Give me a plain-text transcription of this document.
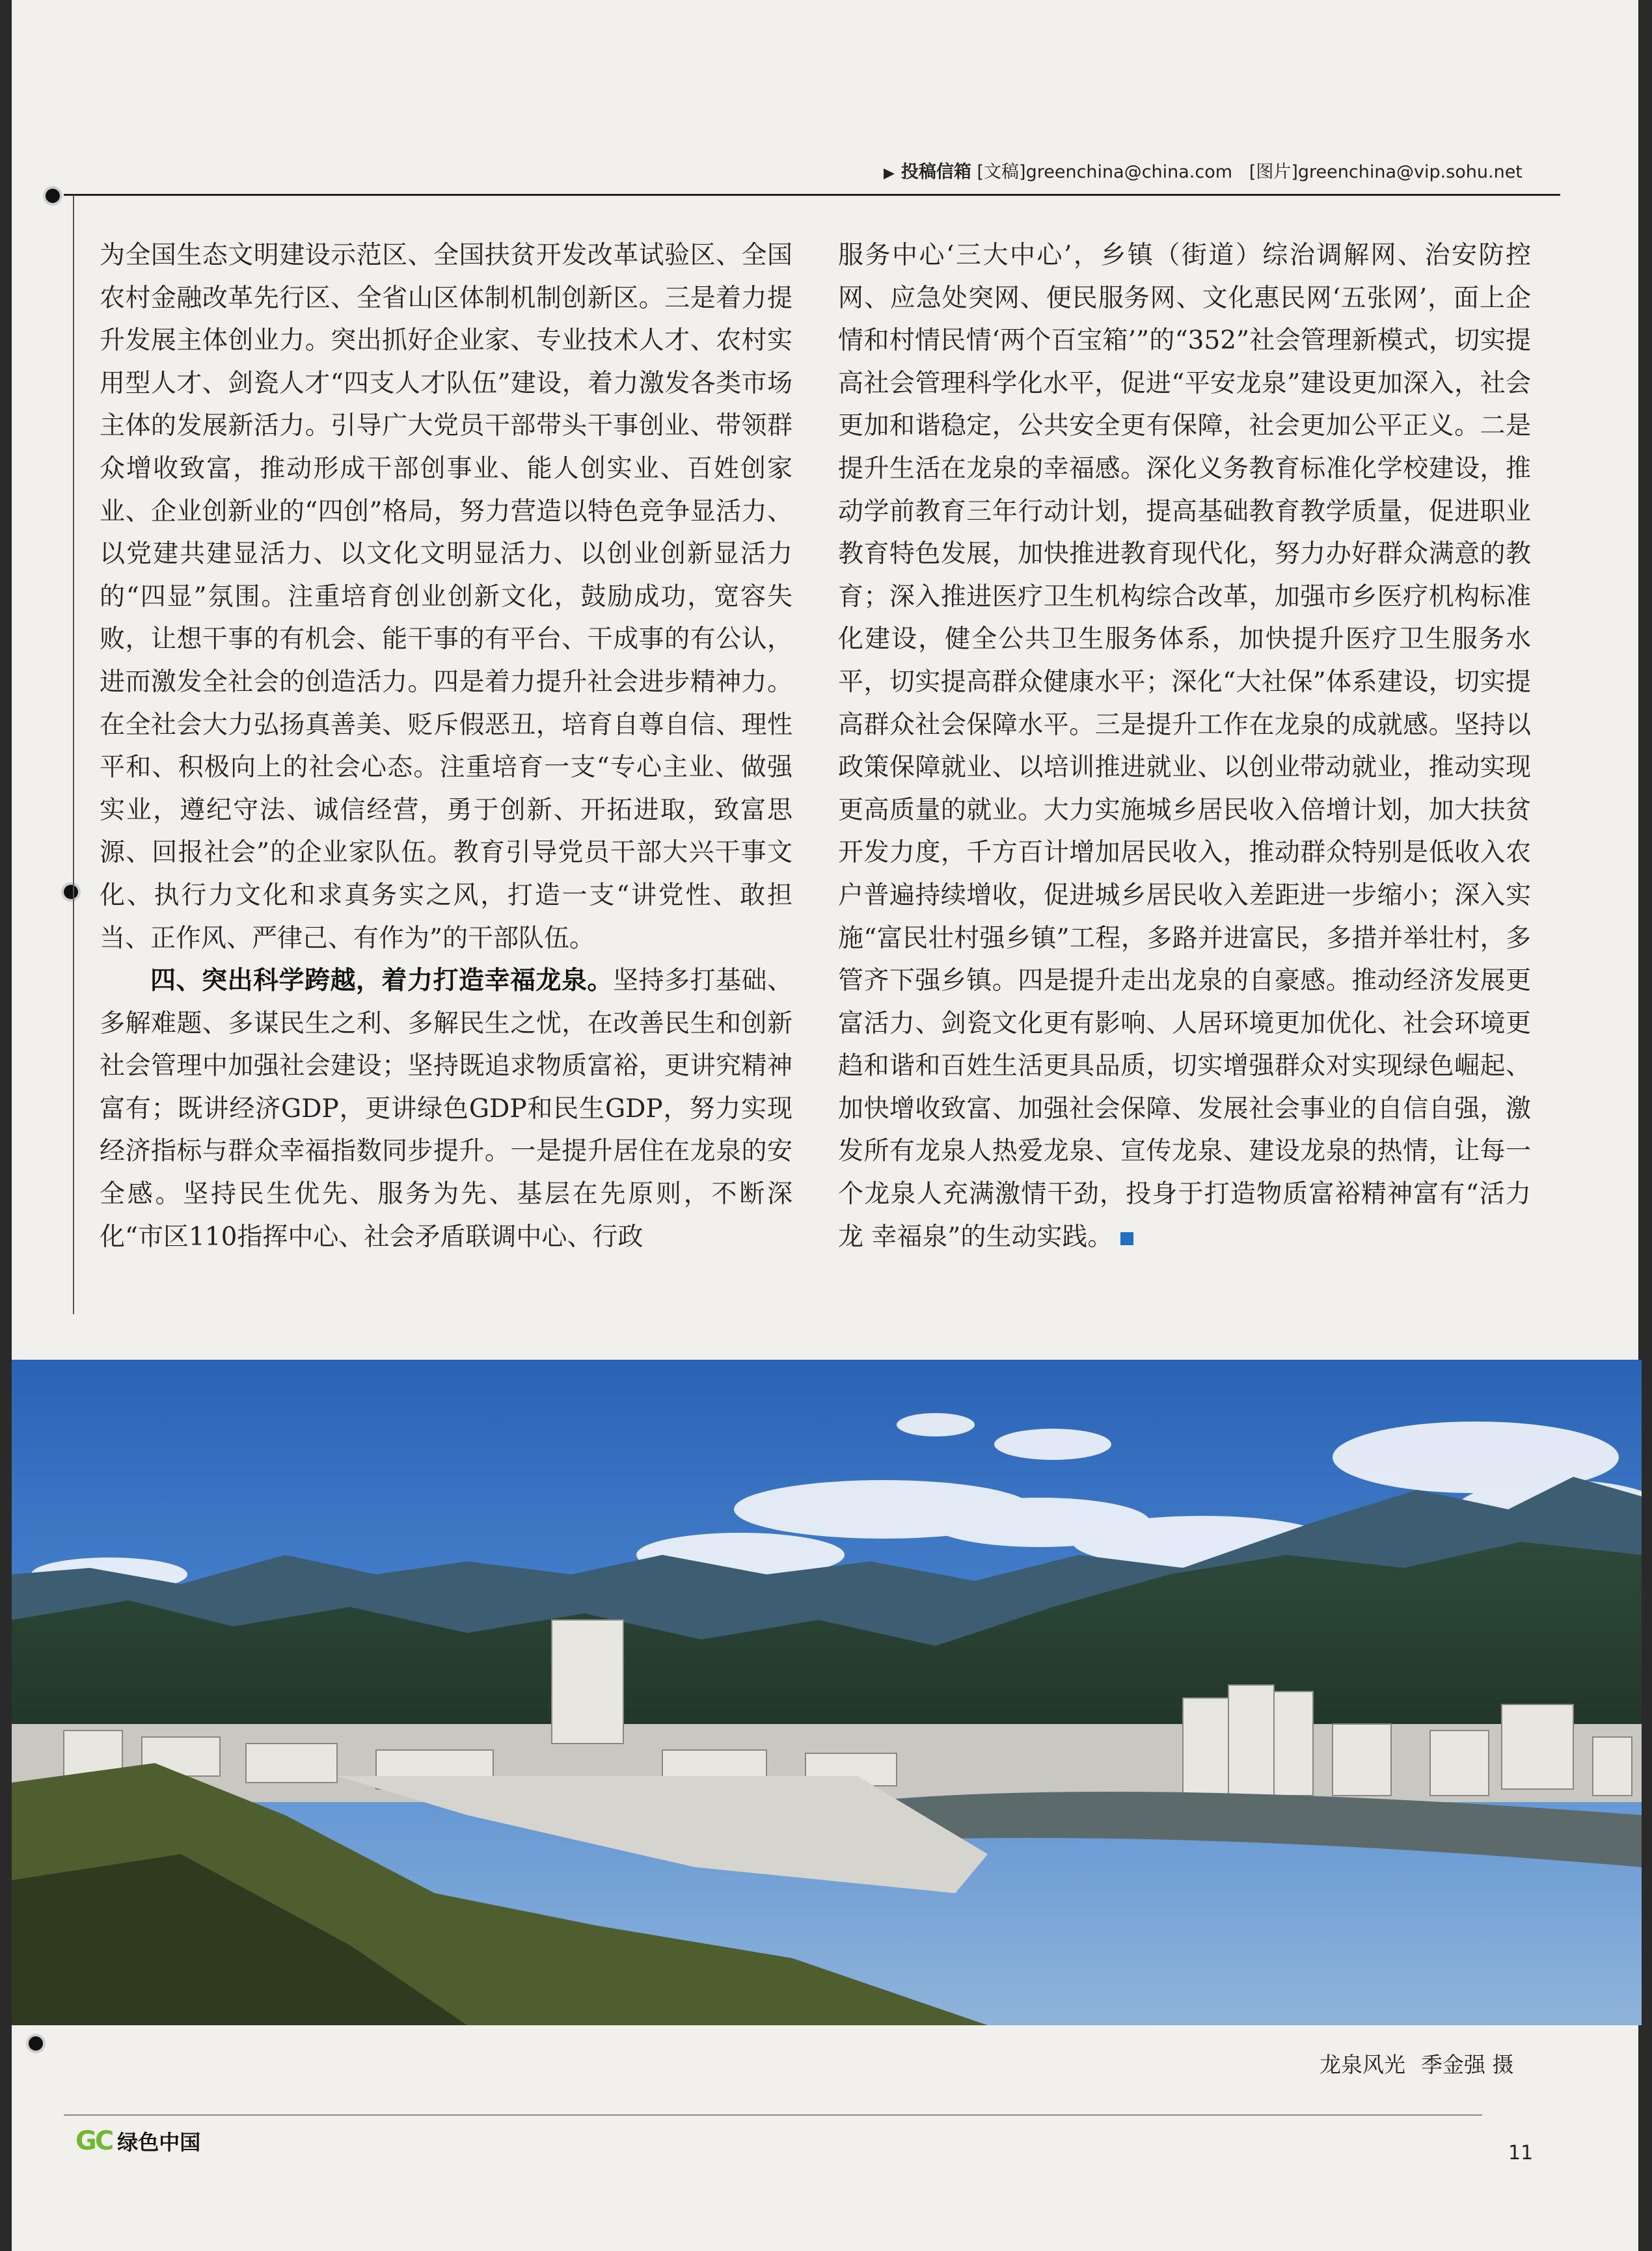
▶ 投稿信箱 [文稿]greenchina@china.com [图片]greenchina@vip.sohu.net

为全国生态文明建设示范区、全国扶贫开发改革试验区、全国农村金融改革先行区、全省山区体制机制创新区。三是着力提升发展主体创业力。突出抓好企业家、专业技术人才、农村实用型人才、剑瓷人才“四支人才队伍”建设，着力激发各类市场主体的发展新活力。引导广大党员干部带头干事创业、带领群众增收致富，推动形成干部创事业、能人创实业、百姓创家业、企业创新业的“四创”格局，努力营造以特色竞争显活力、以党建共建显活力、以文化文明显活力、以创业创新显活力的“四显”氛围。注重培育创业创新文化，鼓励成功，宽容失败，让想干事的有机会、能干事的有平台、干成事的有公认，进而激发全社会的创造活力。四是着力提升社会进步精神力。在全社会大力弘扬真善美、贬斥假恶丑，培育自尊自信、理性平和、积极向上的社会心态。注重培育一支“专心主业、做强实业，遵纪守法、诚信经营，勇于创新、开拓进取，致富思源、回报社会”的企业家队伍。教育引导党员干部大兴干事文化、执行力文化和求真务实之风，打造一支“讲党性、敢担当、正作风、严律己、有作为”的干部队伍。

四、突出科学跨越，着力打造幸福龙泉。坚持多打基础、多解难题、多谋民生之利、多解民生之忧，在改善民生和创新社会管理中加强社会建设；坚持既追求物质富裕，更讲究精神富有；既讲经济GDP，更讲绿色GDP和民生GDP，努力实现经济指标与群众幸福指数同步提升。一是提升居住在龙泉的安全感。坚持民生优先、服务为先、基层在先原则，不断深化“市区110指挥中心、社会矛盾联调中心、行政

服务中心‘三大中心’，乡镇（街道）综治调解网、治安防控网、应急处突网、便民服务网、文化惠民网‘五张网’，面上企情和村情民情‘两个百宝箱’”的“352”社会管理新模式，切实提高社会管理科学化水平，促进“平安龙泉”建设更加深入，社会更加和谐稳定，公共安全更有保障，社会更加公平正义。二是提升生活在龙泉的幸福感。深化义务教育标准化学校建设，推动学前教育三年行动计划，提高基础教育教学质量，促进职业教育特色发展，加快推进教育现代化，努力办好群众满意的教育；深入推进医疗卫生机构综合改革，加强市乡医疗机构标准化建设，健全公共卫生服务体系，加快提升医疗卫生服务水平，切实提高群众健康水平；深化“大社保”体系建设，切实提高群众社会保障水平。三是提升工作在龙泉的成就感。坚持以政策保障就业、以培训推进就业、以创业带动就业，推动实现更高质量的就业。大力实施城乡居民收入倍增计划，加大扶贫开发力度，千方百计增加居民收入，推动群众特别是低收入农户普遍持续增收，促进城乡居民收入差距进一步缩小；深入实施“富民壮村强乡镇”工程，多路并进富民，多措并举壮村，多管齐下强乡镇。四是提升走出龙泉的自豪感。推动经济发展更富活力、剑瓷文化更有影响、人居环境更加优化、社会环境更趋和谐和百姓生活更具品质，切实增强群众对实现绿色崛起、加快增收致富、加强社会保障、发展社会事业的自信自强，激发所有龙泉人热爱龙泉、宣传龙泉、建设龙泉的热情，让每一个龙泉人充满激情干劲，投身于打造物质富裕精神富有“活力龙 幸福泉”的生动实践。

龙泉风光 季金强 摄
GC 绿色中国	11
